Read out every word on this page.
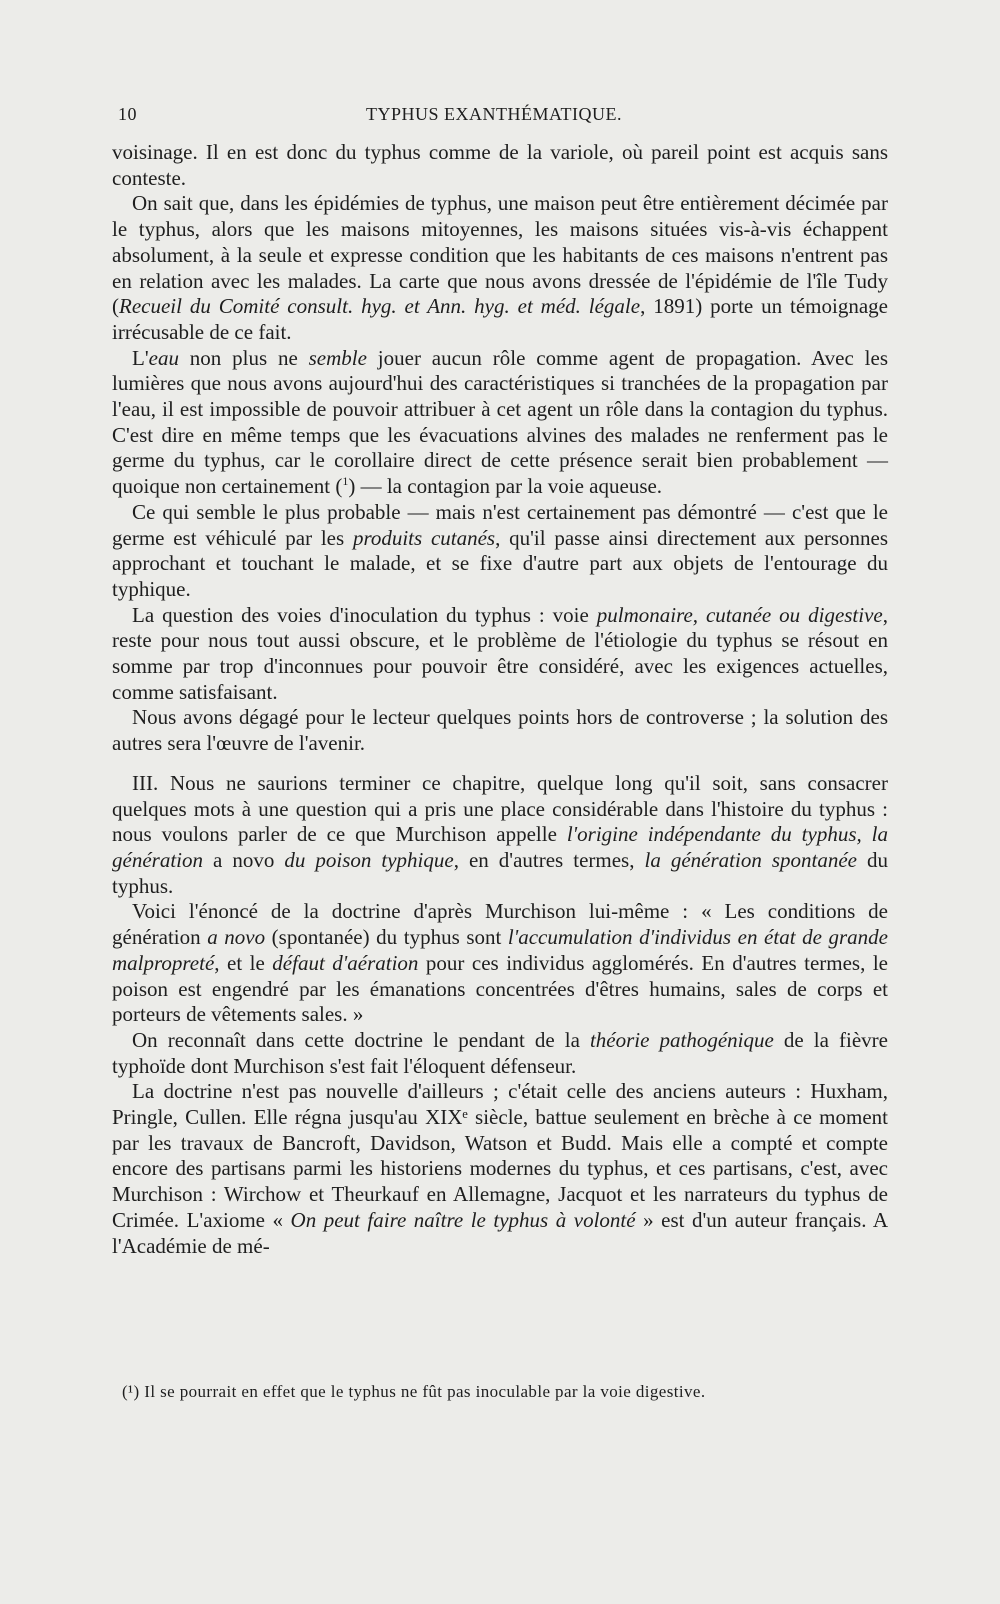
10	TYPHUS EXANTHÉMATIQUE.

voisinage. Il en est donc du typhus comme de la variole, où pareil point est acquis sans conteste.

On sait que, dans les épidémies de typhus, une maison peut être entièrement décimée par le typhus, alors que les maisons mitoyennes, les maisons situées vis-à-vis échappent absolument, à la seule et expresse condition que les habitants de ces maisons n'entrent pas en relation avec les malades. La carte que nous avons dressée de l'épidémie de l'île Tudy (Recueil du Comité consult. hyg. et Ann. hyg. et méd. légale, 1891) porte un témoignage irrécusable de ce fait.

L'eau non plus ne semble jouer aucun rôle comme agent de propagation. Avec les lumières que nous avons aujourd'hui des caractéristiques si tranchées de la propagation par l'eau, il est impossible de pouvoir attribuer à cet agent un rôle dans la contagion du typhus. C'est dire en même temps que les évacuations alvines des malades ne renferment pas le germe du typhus, car le corollaire direct de cette présence serait bien probablement — quoique non certainement ($^1$) — la contagion par la voie aqueuse.

Ce qui semble le plus probable — mais n'est certainement pas démontré — c'est que le germe est véhiculé par les produits cutanés, qu'il passe ainsi directement aux personnes approchant et touchant le malade, et se fixe d'autre part aux objets de l'entourage du typhique.

La question des voies d'inoculation du typhus : voie pulmonaire, cutanée ou digestive, reste pour nous tout aussi obscure, et le problème de l'étiologie du typhus se résout en somme par trop d'inconnues pour pouvoir être considéré, avec les exigences actuelles, comme satisfaisant.

Nous avons dégagé pour le lecteur quelques points hors de controverse ; la solution des autres sera l'œuvre de l'avenir.

III. Nous ne saurions terminer ce chapitre, quelque long qu'il soit, sans consacrer quelques mots à une question qui a pris une place considérable dans l'histoire du typhus : nous voulons parler de ce que Murchison appelle l'origine indépendante du typhus, la génération a novo du poison typhique, en d'autres termes, la génération spontanée du typhus.

Voici l'énoncé de la doctrine d'après Murchison lui-même : « Les conditions de génération a novo (spontanée) du typhus sont l'accumulation d'individus en état de grande malpropreté, et le défaut d'aération pour ces individus agglomérés. En d'autres termes, le poison est engendré par les émanations concentrées d'êtres humains, sales de corps et porteurs de vêtements sales. »

On reconnaît dans cette doctrine le pendant de la théorie pathogénique de la fièvre typhoïde dont Murchison s'est fait l'éloquent défenseur.

La doctrine n'est pas nouvelle d'ailleurs ; c'était celle des anciens auteurs : Huxham, Pringle, Cullen. Elle régna jusqu'au XIXᵉ siècle, battue seulement en brèche à ce moment par les travaux de Bancroft, Davidson, Watson et Budd. Mais elle a compté et compte encore des partisans parmi les historiens modernes du typhus, et ces partisans, c'est, avec Murchison : Wirchow et Theurkauf en Allemagne, Jacquot et les narrateurs du typhus de Crimée. L'axiome « On peut faire naître le typhus à volonté » est d'un auteur français. A l'Académie de mé-

(¹) Il se pourrait en effet que le typhus ne fût pas inoculable par la voie digestive.
